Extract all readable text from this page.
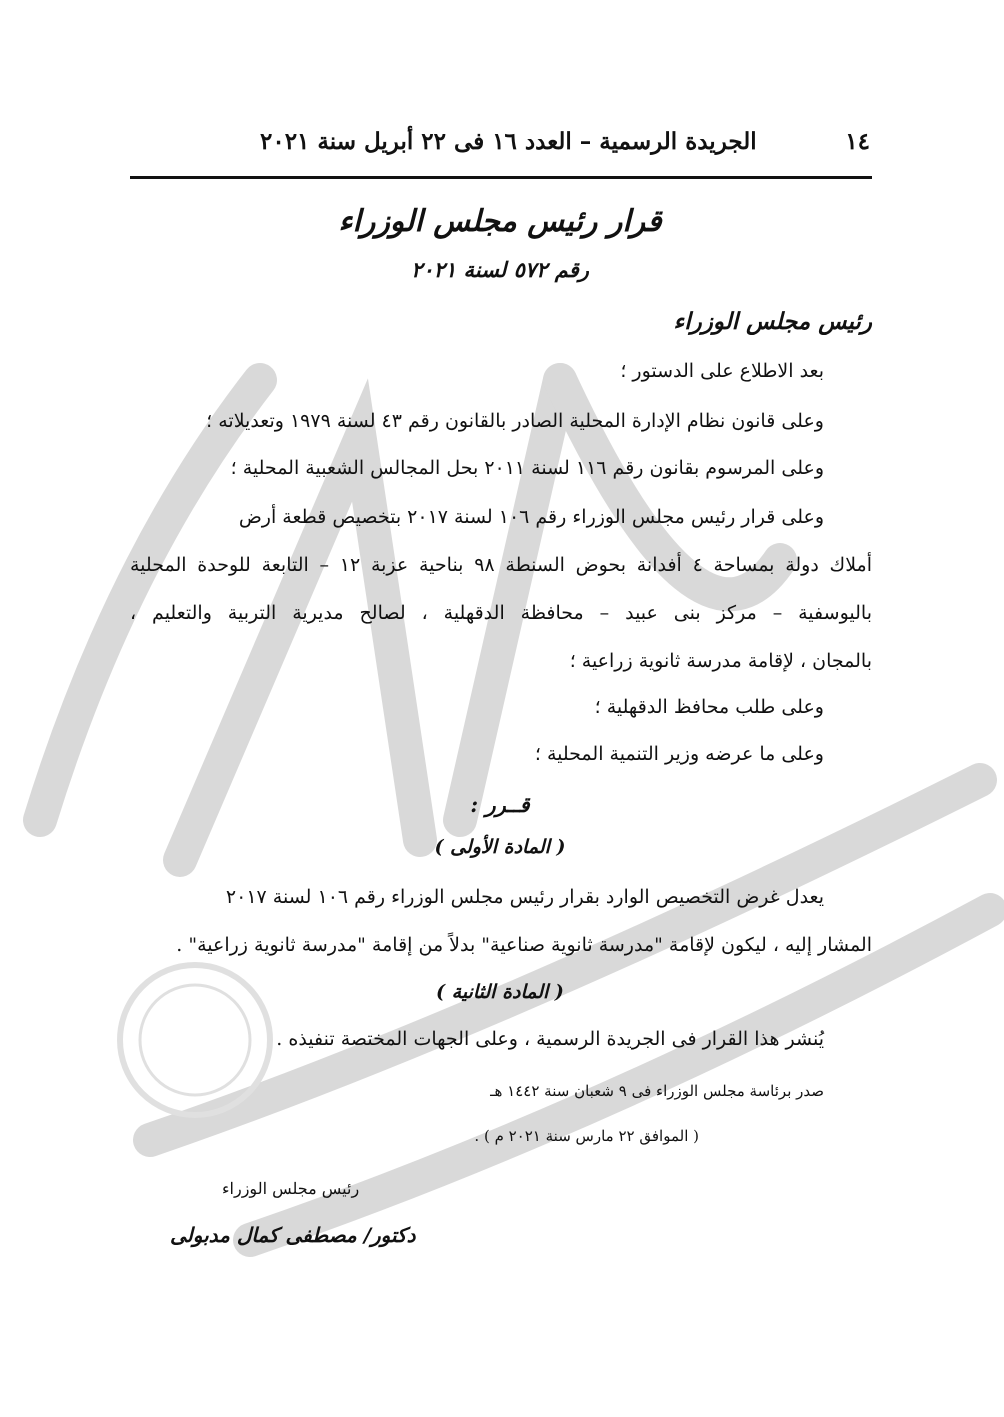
١٤
الجريدة الرسمية – العدد ١٦ فى ٢٢ أبريل سنة ٢٠٢١
قرار رئيس مجلس الوزراء
رقم ٥٧٢ لسنة ٢٠٢١
رئيس مجلس الوزراء
بعد الاطلاع على الدستور ؛
وعلى قانون نظام الإدارة المحلية الصادر بالقانون رقم ٤٣ لسنة ١٩٧٩ وتعديلاته ؛
وعلى المرسوم بقانون رقم ١١٦ لسنة ٢٠١١ بحل المجالس الشعبية المحلية ؛
وعلى قرار رئيس مجلس الوزراء رقم ١٠٦ لسنة ٢٠١٧ بتخصيص قطعة أرض
أملاك دولة بمساحة ٤ أفدانة بحوض السنطة ٩٨ بناحية عزبة ١٢ – التابعة للوحدة المحلية
باليوسفية – مركز بنى عبيد – محافظة الدقهلية ، لصالح مديرية التربية والتعليم ،
بالمجان ، لإقامة مدرسة ثانوية زراعية ؛
وعلى طلب محافظ الدقهلية ؛
وعلى ما عرضه وزير التنمية المحلية ؛
قــرر :
( المادة الأولى )
يعدل غرض التخصيص الوارد بقرار رئيس مجلس الوزراء رقم ١٠٦ لسنة ٢٠١٧
المشار إليه ، ليكون لإقامة "مدرسة ثانوية صناعية" بدلاً من إقامة "مدرسة ثانوية زراعية" .
( المادة الثانية )
يُنشر هذا القرار فى الجريدة الرسمية ، وعلى الجهات المختصة تنفيذه .
صدر برئاسة مجلس الوزراء فى ٩ شعبان سنة ١٤٤٢ هـ
( الموافق ٢٢ مارس سنة ٢٠٢١ م ) .
رئيس مجلس الوزراء
دكتور/ مصطفى كمال مدبولى
